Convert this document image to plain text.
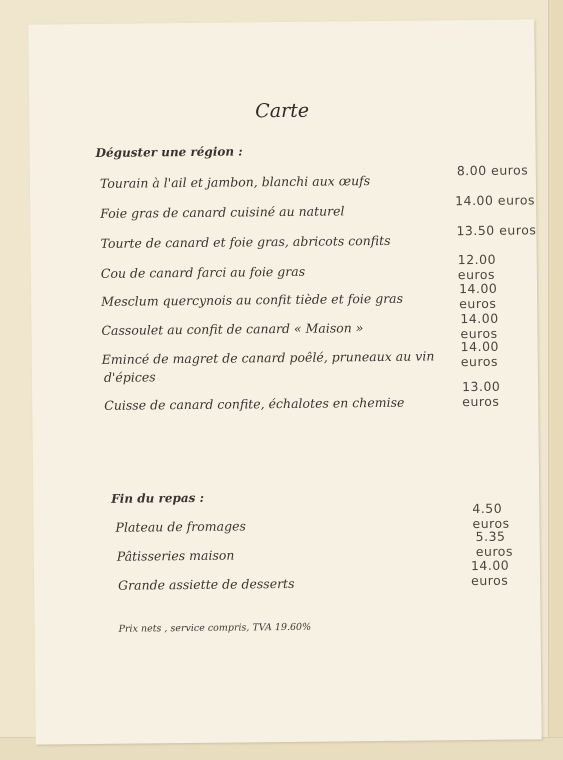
Carte
Déguster une région :
Tourain à l'ail et jambon, blanchi aux œufs
8.00 euros
Foie gras de canard cuisiné au naturel
14.00 euros
Tourte de canard et foie gras, abricots confits
13.50 euros
Cou de canard farci au foie gras
12.00 euros
Mesclum quercynois au confit tiède et foie gras
14.00 euros
Cassoulet au confit de canard « Maison »
14.00 euros
Emincé de magret de canard poêlé, pruneaux au vin
14.00 euros
d'épices
Cuisse de canard confite, échalotes en chemise
13.00 euros
Fin du repas :
Plateau de fromages
4.50 euros
Pâtisseries maison
5.35 euros
Grande assiette de desserts
14.00 euros
Prix nets , service compris, TVA 19.60%
